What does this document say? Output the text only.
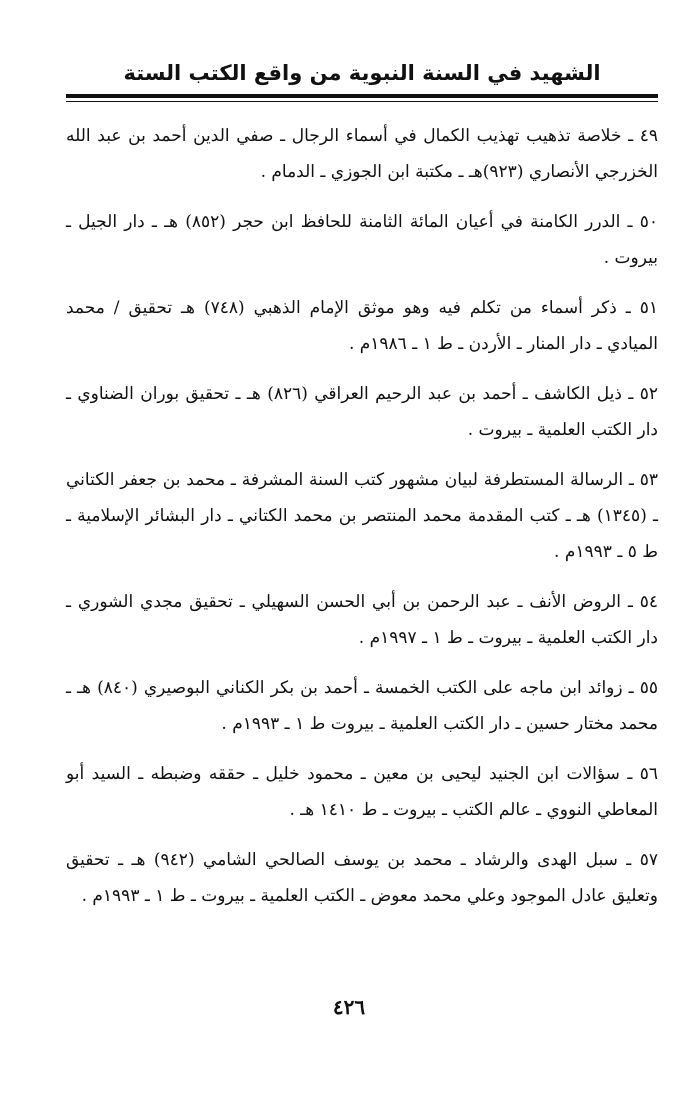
الشهيد في السنة النبوية من واقع الكتب الستة

٤٩ ـ خلاصة تذهيب تهذيب الكمال في أسماء الرجال ـ صفي الدين أحمد بن عبد الله الخزرجي الأنصاري (٩٢٣)هـ ـ مكتبة ابن الجوزي ـ الدمام .

٥٠ ـ الدرر الكامنة في أعيان المائة الثامنة للحافظ ابن حجر (٨٥٢) هـ ـ دار الجيل ـ بيروت .

٥١ ـ ذكر أسماء من تكلم فيه وهو موثق الإمام الذهبي (٧٤٨) هـ تحقيق / محمد الميادي ـ دار المنار ـ الأردن ـ ط ١ ـ ١٩٨٦م .

٥٢ ـ ذيل الكاشف ـ أحمد بن عبد الرحيم العراقي (٨٢٦) هـ ـ تحقيق بوران الضناوي ـ دار الكتب العلمية ـ بيروت .

٥٣ ـ الرسالة المستطرفة لبيان مشهور كتب السنة المشرفة ـ محمد بن جعفر الكتاني ـ (١٣٤٥) هـ ـ كتب المقدمة محمد المنتصر بن محمد الكتاني ـ دار البشائر الإسلامية ـ ط ٥ ـ ١٩٩٣م .

٥٤ ـ الروض الأنف ـ عبد الرحمن بن أبي الحسن السهيلي ـ تحقيق مجدي الشوري ـ دار الكتب العلمية ـ بيروت ـ ط ١ ـ ١٩٩٧م .

٥٥ ـ زوائد ابن ماجه على الكتب الخمسة ـ أحمد بن بكر الكناني البوصيري (٨٤٠) هـ ـ محمد مختار حسين ـ دار الكتب العلمية ـ بيروت ط ١ ـ ١٩٩٣م .

٥٦ ـ سؤالات ابن الجنيد ليحيى بن معين ـ محمود خليل ـ حققه وضبطه ـ السيد أبو المعاطي النووي ـ عالم الكتب ـ بيروت ـ ط ١٤١٠ هـ .

٥٧ ـ سبل الهدى والرشاد ـ محمد بن يوسف الصالحي الشامي (٩٤٢) هـ ـ تحقيق وتعليق عادل الموجود وعلي محمد معوض ـ الكتب العلمية ـ بيروت ـ ط ١ ـ ١٩٩٣م .

٤٢٦
